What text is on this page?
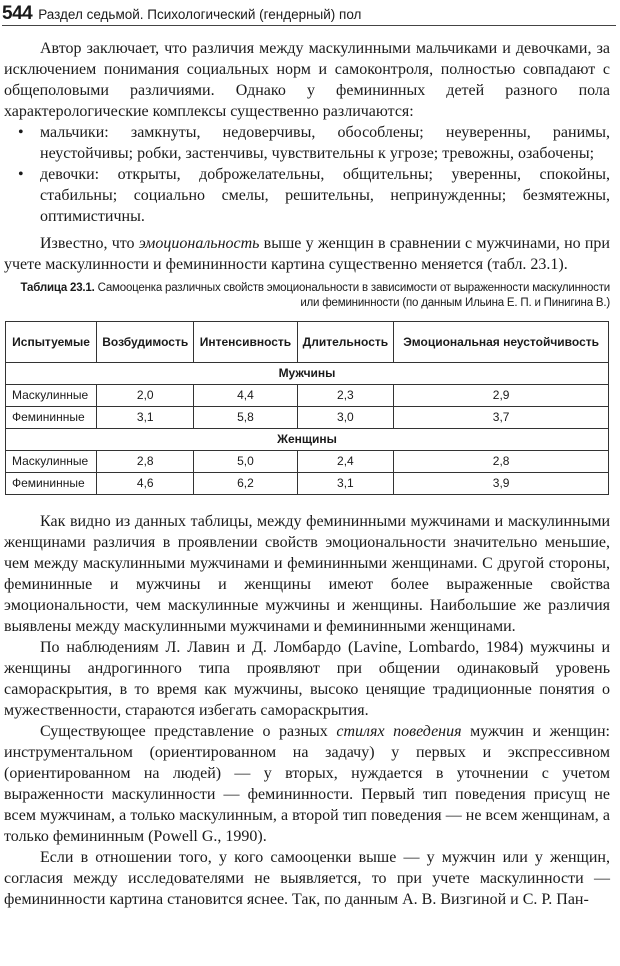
544 Раздел седьмой. Психологический (гендерный) пол

Автор заключает, что различия между маскулинными мальчиками и девочками, за исключением понимания социальных норм и самоконтроля, полностью совпадают с общеполовыми различиями. Однако у фемининных детей разного пола характерологические комплексы существенно различаются:

• мальчики: замкнуты, недоверчивы, обособлены; неуверенны, ранимы, неустойчивы; робки, застенчивы, чувствительны к угрозе; тревожны, озабочены;
• девочки: открыты, доброжелательны, общительны; уверенны, спокойны, стабильны; социально смелы, решительны, непринужденны; безмятежны, оптимистичны.

Известно, что эмоциональность выше у женщин в сравнении с мужчинами, но при учете маскулинности и фемининности картина существенно меняется (табл. 23.1).

Таблица 23.1. Самооценка различных свойств эмоциональности в зависимости от выраженности маскулинности или фемининности (по данным Ильина Е. П. и Пинигина В.)
Испытуемые	Возбудимость	Интенсивность	Длительность	Эмоциональная неустойчивость
Мужчины				
Маскулинные	2,0	4,4	2,3	2,9
Фемининные	3,1	5,8	3,0	3,7
Женщины				
Маскулинные	2,8	5,0	2,4	2,8
Фемининные	4,6	6,2	3,1	3,9

Как видно из данных таблицы, между фемининными мужчинами и маскулинными женщинами различия в проявлении свойств эмоциональности значительно меньшие, чем между маскулинными мужчинами и фемининными женщинами. С другой стороны, фемининные и мужчины и женщины имеют более выраженные свойства эмоциональности, чем маскулинные мужчины и женщины. Наибольшие же различия выявлены между маскулинными мужчинами и фемининными женщинами.

По наблюдениям Л. Лавин и Д. Ломбардо (Lavine, Lombardo, 1984) мужчины и женщины андрогинного типа проявляют при общении одинаковый уровень самораскрытия, в то время как мужчины, высоко ценящие традиционные понятия о мужественности, стараются избегать самораскрытия.

Существующее представление о разных стилях поведения мужчин и женщин: инструментальном (ориентированном на задачу) у первых и экспрессивном (ориентированном на людей) — у вторых, нуждается в уточнении с учетом выраженности маскулинности — фемининности. Первый тип поведения присущ не всем мужчинам, а только маскулинным, а второй тип поведения — не всем женщинам, а только фемининным (Powell G., 1990).

Если в отношении того, у кого самооценки выше — у мужчин или у женщин, согласия между исследователями не выявляется, то при учете маскулинности — фемининности картина становится яснее. Так, по данным А. В. Визгиной и С. Р. Пан-
